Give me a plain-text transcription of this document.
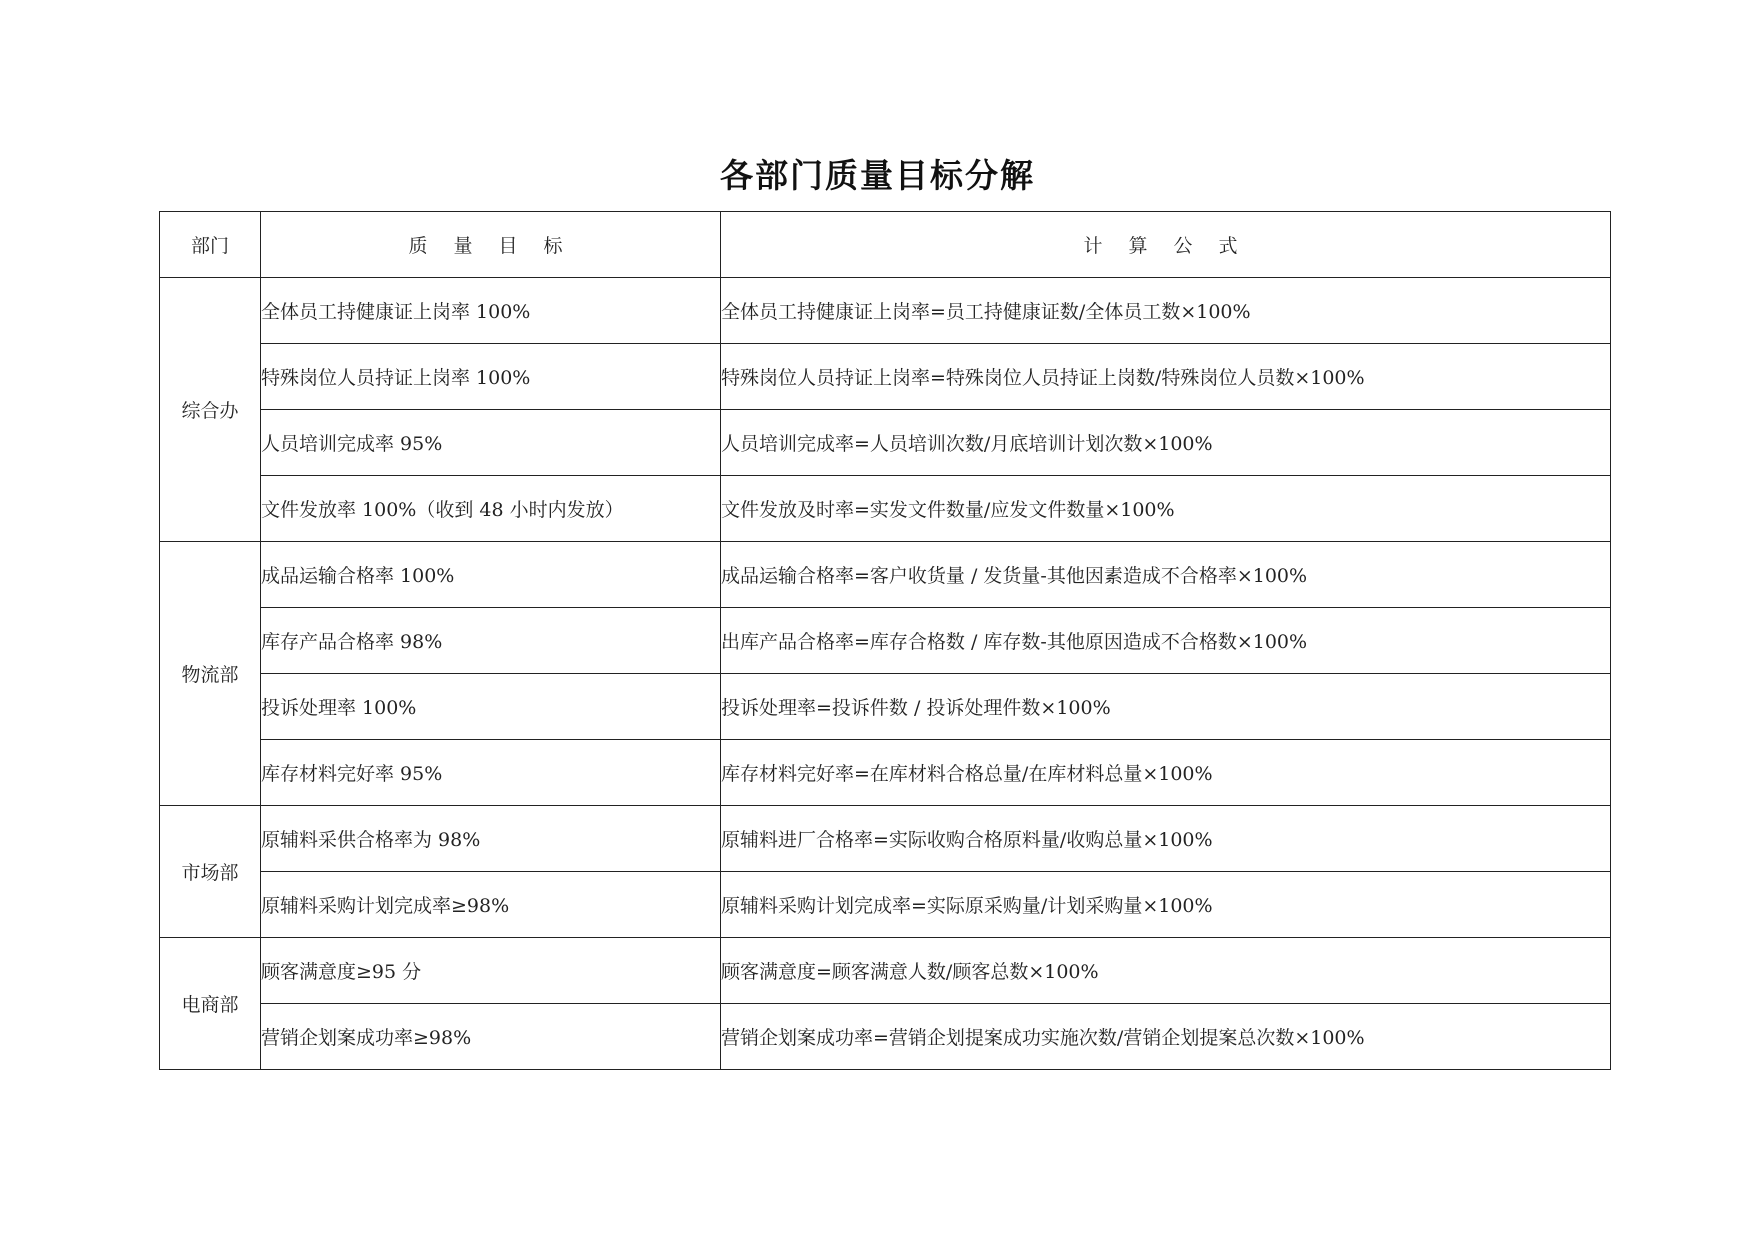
各部门质量目标分解
部门	质 量 目 标	计 算 公 式
综合办	全体员工持健康证上岗率 100%	全体员工持健康证上岗率=员工持健康证数/全体员工数×100%
	特殊岗位人员持证上岗率 100%	特殊岗位人员持证上岗率=特殊岗位人员持证上岗数/特殊岗位人员数×100%
	人员培训完成率 95%	人员培训完成率=人员培训次数/月底培训计划次数×100%
	文件发放率 100%（收到 48 小时内发放）	文件发放及时率=实发文件数量/应发文件数量×100%
物流部	成品运输合格率 100%	成品运输合格率=客户收货量 / 发货量-其他因素造成不合格率×100%
	库存产品合格率 98%	出库产品合格率=库存合格数 / 库存数-其他原因造成不合格数×100%
	投诉处理率 100%	投诉处理率=投诉件数 / 投诉处理件数×100%
	库存材料完好率 95%	库存材料完好率=在库材料合格总量/在库材料总量×100%
市场部	原辅料采供合格率为 98%	原辅料进厂合格率=实际收购合格原料量/收购总量×100%
	原辅料采购计划完成率≥98%	原辅料采购计划完成率=实际原采购量/计划采购量×100%
电商部	顾客满意度≥95 分	顾客满意度=顾客满意人数/顾客总数×100%
	营销企划案成功率≥98%	营销企划案成功率=营销企划提案成功实施次数/营销企划提案总次数×100%
